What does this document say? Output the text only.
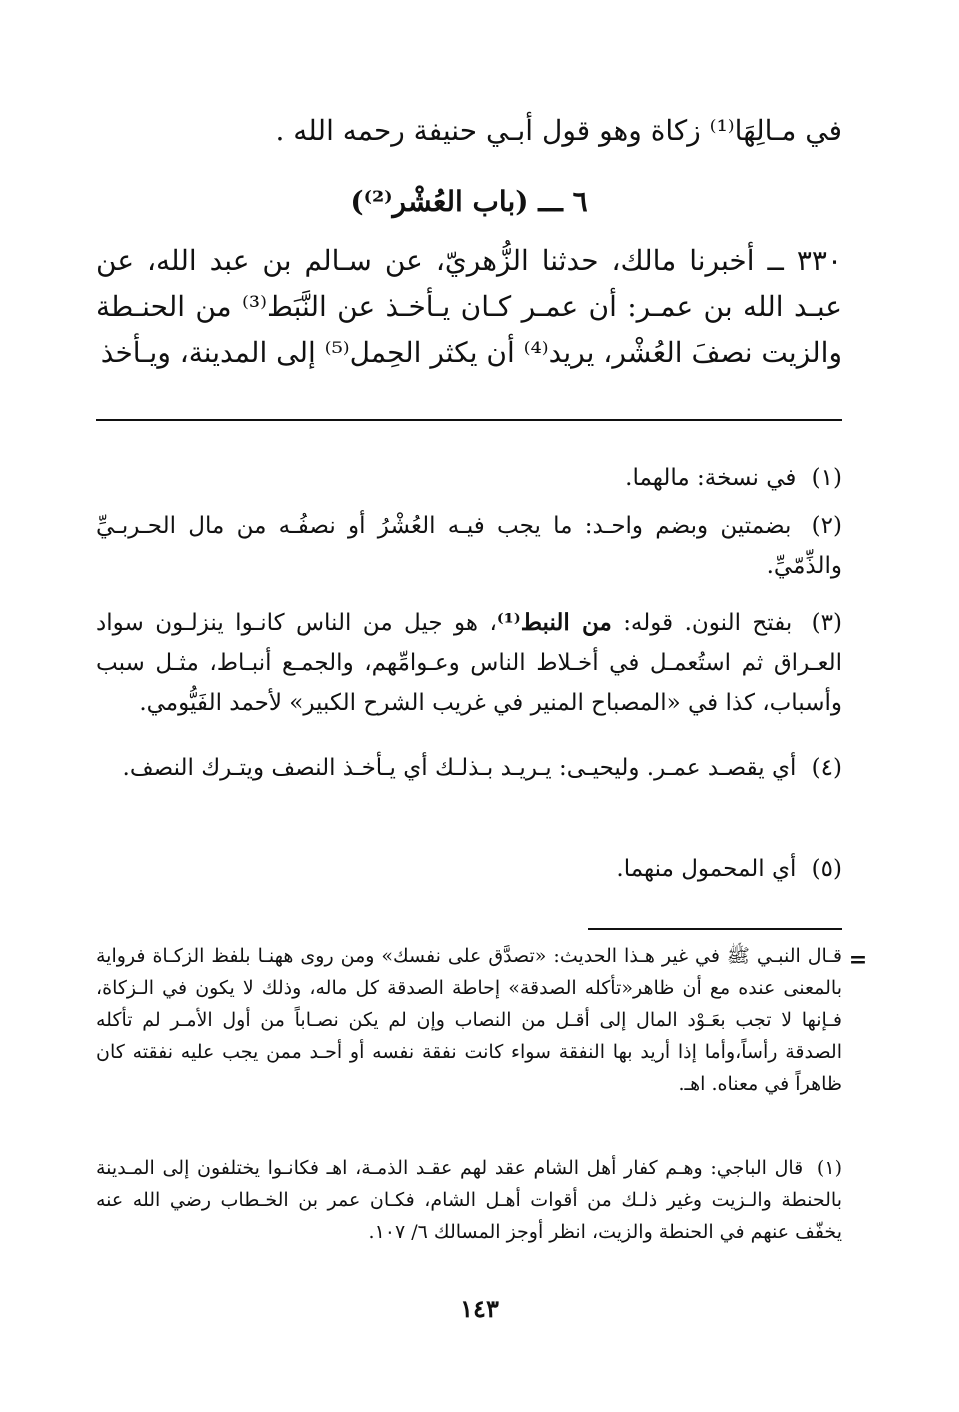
في مـالِهَا⁽¹⁾ زكاة وهو قول أبـي حنيفة رحمه الله .

٦ ـــ (باب العُشْر⁽²⁾)

٣٣٠ ــ أخبرنا مالك، حدثنا الزُّهريّ، عن سـالم بن عبد الله، عن عبـد الله بن عمـر: أن عمـر كـان يـأخـذ عن النَّبَط⁽³⁾ من الحنـطة والزيت نصفَ العُشْر، يريد⁽⁴⁾ أن يكثر الحِمل⁽⁵⁾ إلى المدينة، ويـأخذ

(١) في نسخة: مالهما.

(٢) بضمتين وبضم واحـد: ما يجب فيـه العُشْرُ أو نصفُـه من مال الحـربـيِّ والذِّمّيِّ.

(٣) بفتح النون. قوله: من النبط⁽¹⁾، هو جيل من الناس كانـوا ينزلـون سواد العـراق ثم استُعمـل في أخـلاط الناس وعـوامِّهم، والجمـع أنبـاط، مثـل سبب وأسباب، كذا في «المصباح المنير في غريب الشرح الكبير» لأحمد الفَيُّومي.

(٤) أي يقصـد عمـر. وليحيـى: يـريـد بـذلـك أي يـأخـذ النصف ويتـرك النصف.

(٥) أي المحمول منهما.

=

قـال النبـي ﷺ في غير هـذا الحديث: «تصدَّق على نفسك» ومن روى ههنـا بلفظ الزكـاة فرواية بالمعنى عنده مع أن ظاهر«تأكله الصدقة» إحاطة الصدقة كل ماله، وذلك لا يكون في الـزكاة، فـإنها لا تجب بعَـوْد المال إلى أقـل من النصاب وإن لم يكن نصـاباً من أول الأمـر لم تأكله الصدقة رأساً،وأما إذا أريد بها النفقة سواء كانت نفقة نفسه أو أحـد ممن يجب عليه نفقته كان ظاهراً في معناه. اهـ.

(١) قال الباجي: وهـم كفار أهل الشام عقد لهم عقـد الذمـة، اهـ فكانـوا يختلفون إلى المـدينة بالحنطة والـزيت وغير ذلـك من أقوات أهـل الشام، فكـان عمر بن الخـطاب رضي الله عنه يخفّف عنهم في الحنطة والزيت، انظر أوجز المسالك ٦/ ١٠٧.

١٤٣
